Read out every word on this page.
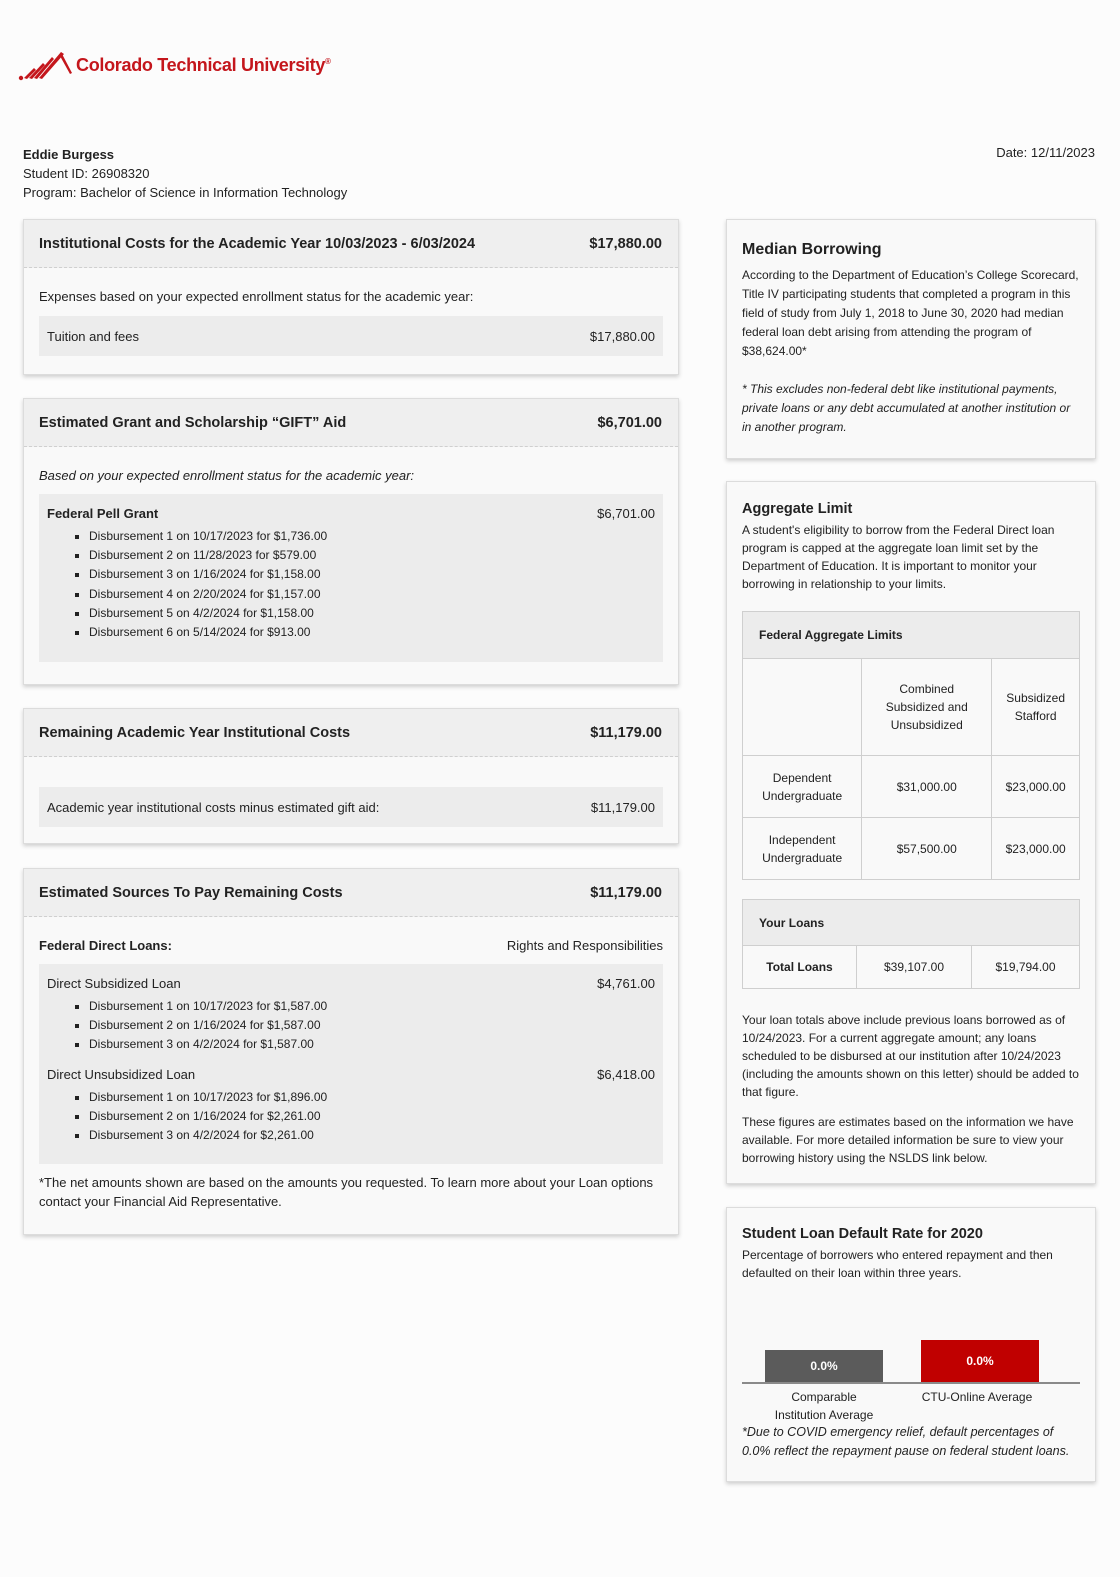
Colorado Technical University®
Eddie Burgess
Student ID: 26908320
Program: Bachelor of Science in Information Technology
Date: 12/11/2023
Institutional Costs for the Academic Year 10/03/2023 - 6/03/2024	$17,880.00
Expenses based on your expected enrollment status for the academic year:
Tuition and fees	$17,880.00
Estimated Grant and Scholarship “GIFT” Aid	$6,701.00
Based on your expected enrollment status for the academic year:
Federal Pell Grant	$6,701.00
▪ Disbursement 1 on 10/17/2023 for $1,736.00
▪ Disbursement 2 on 11/28/2023 for $579.00
▪ Disbursement 3 on 1/16/2024 for $1,158.00
▪ Disbursement 4 on 2/20/2024 for $1,157.00
▪ Disbursement 5 on 4/2/2024 for $1,158.00
▪ Disbursement 6 on 5/14/2024 for $913.00
Remaining Academic Year Institutional Costs	$11,179.00
Academic year institutional costs minus estimated gift aid:	$11,179.00
Estimated Sources To Pay Remaining Costs	$11,179.00
Federal Direct Loans:	Rights and Responsibilities
Direct Subsidized Loan	$4,761.00
▪ Disbursement 1 on 10/17/2023 for $1,587.00
▪ Disbursement 2 on 1/16/2024 for $1,587.00
▪ Disbursement 3 on 4/2/2024 for $1,587.00
Direct Unsubsidized Loan	$6,418.00
▪ Disbursement 1 on 10/17/2023 for $1,896.00
▪ Disbursement 2 on 1/16/2024 for $2,261.00
▪ Disbursement 3 on 4/2/2024 for $2,261.00
*The net amounts shown are based on the amounts you requested. To learn more about your Loan options contact your Financial Aid Representative.
Median Borrowing
According to the Department of Education’s College Scorecard, Title IV participating students that completed a program in this field of study from July 1, 2018 to June 30, 2020 had median federal loan debt arising from attending the program of $38,624.00*
* This excludes non-federal debt like institutional payments, private loans or any debt accumulated at another institution or in another program.
Aggregate Limit
A student's eligibility to borrow from the Federal Direct loan program is capped at the aggregate loan limit set by the Department of Education. It is important to monitor your borrowing in relationship to your limits.
Federal Aggregate Limits		
	Combined Subsidized and Unsubsidized	Subsidized Stafford
Dependent Undergraduate	$31,000.00	$23,000.00
Independent Undergraduate	$57,500.00	$23,000.00
Your Loans
Total Loans	$39,107.00	$19,794.00
Your loan totals above include previous loans borrowed as of 10/24/2023. For a current aggregate amount; any loans scheduled to be disbursed at our institution after 10/24/2023 (including the amounts shown on this letter) should be added to that figure.
These figures are estimates based on the information we have available. For more detailed information be sure to view your borrowing history using the NSLDS link below.
Student Loan Default Rate for 2020
Percentage of borrowers who entered repayment and then defaulted on their loan within three years.
0.0%	0.0%
Comparable Institution Average
CTU-Online Average
*Due to COVID emergency relief, default percentages of 0.0% reflect the repayment pause on federal student loans.
